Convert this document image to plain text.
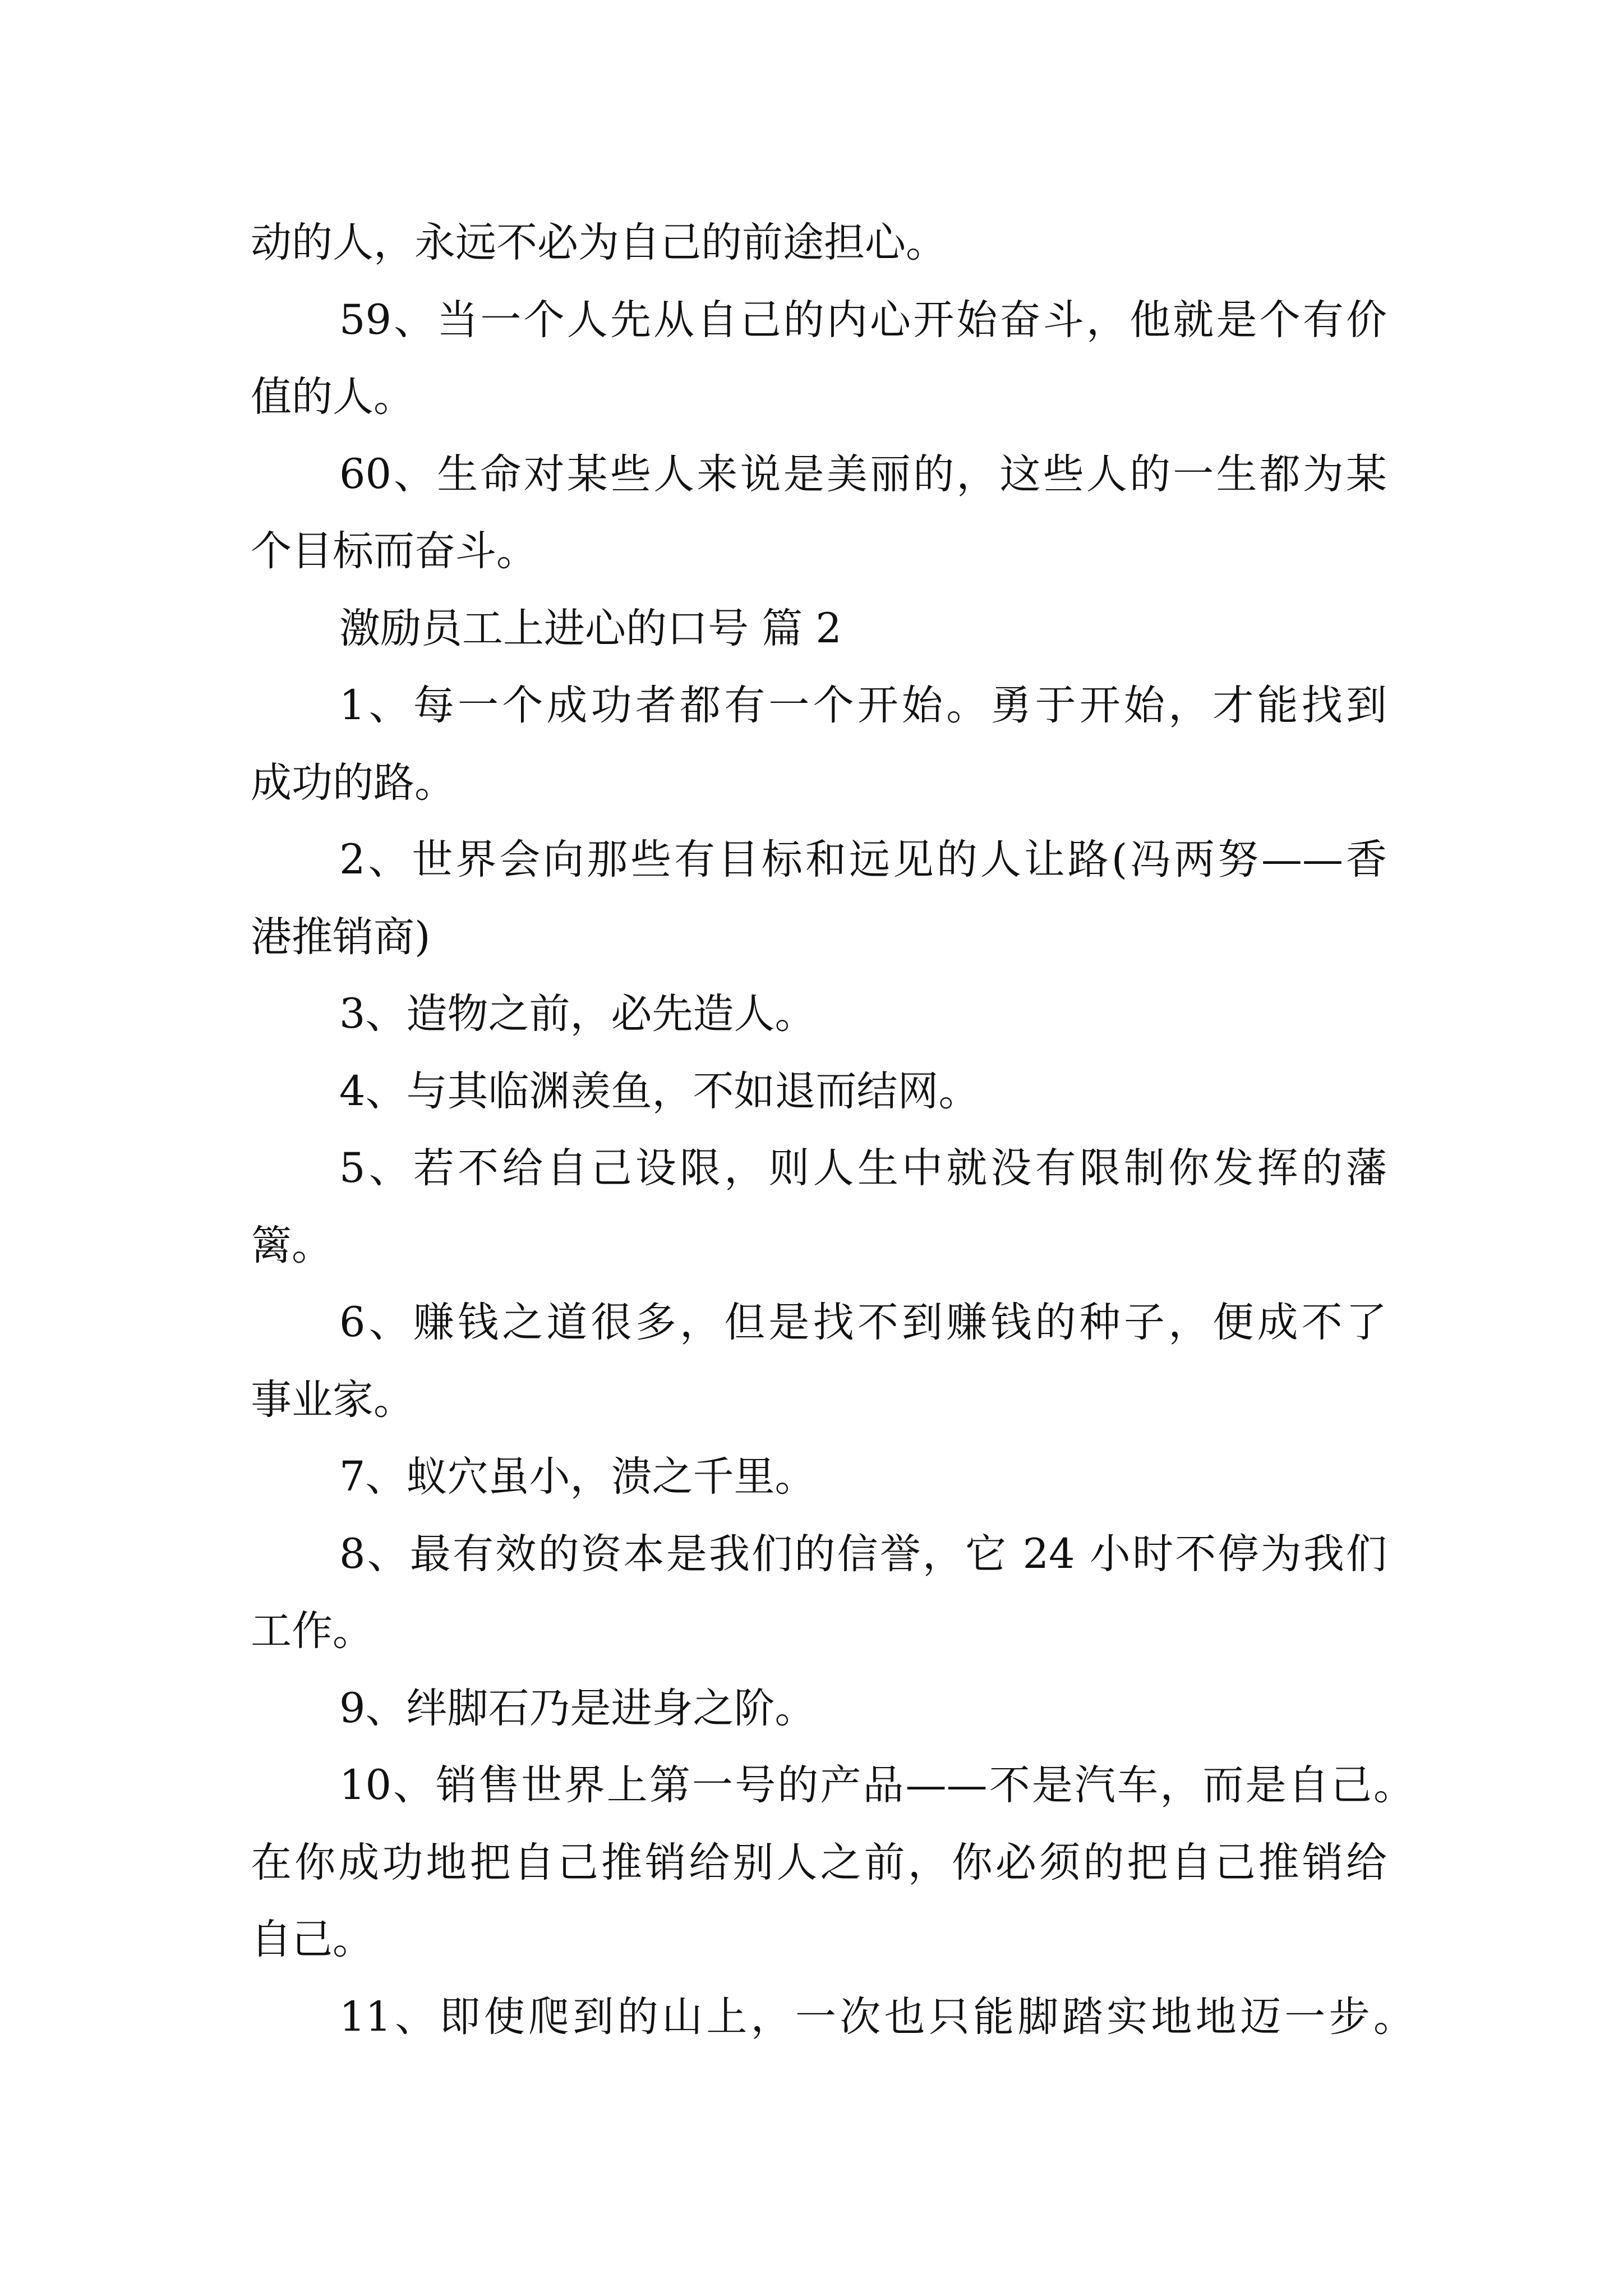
动的人，永远不必为自己的前途担心。
59、当一个人先从自己的内心开始奋斗，他就是个有价
值的人。
60、生命对某些人来说是美丽的，这些人的一生都为某
个目标而奋斗。
激励员工上进心的口号 篇 2
1、每一个成功者都有一个开始。勇于开始，才能找到
成功的路。
2、世界会向那些有目标和远见的人让路(冯两努——香
港推销商)
3、造物之前，必先造人。
4、与其临渊羡鱼，不如退而结网。
5、若不给自己设限，则人生中就没有限制你发挥的藩
篱。
6、赚钱之道很多，但是找不到赚钱的种子，便成不了
事业家。
7、蚁穴虽小，溃之千里。
8、最有效的资本是我们的信誉，它 24 小时不停为我们
工作。
9、绊脚石乃是进身之阶。
10、销售世界上第一号的产品——不是汽车，而是自己。
在你成功地把自己推销给别人之前，你必须的把自己推销给
自己。
11、即使爬到的山上，一次也只能脚踏实地地迈一步。
